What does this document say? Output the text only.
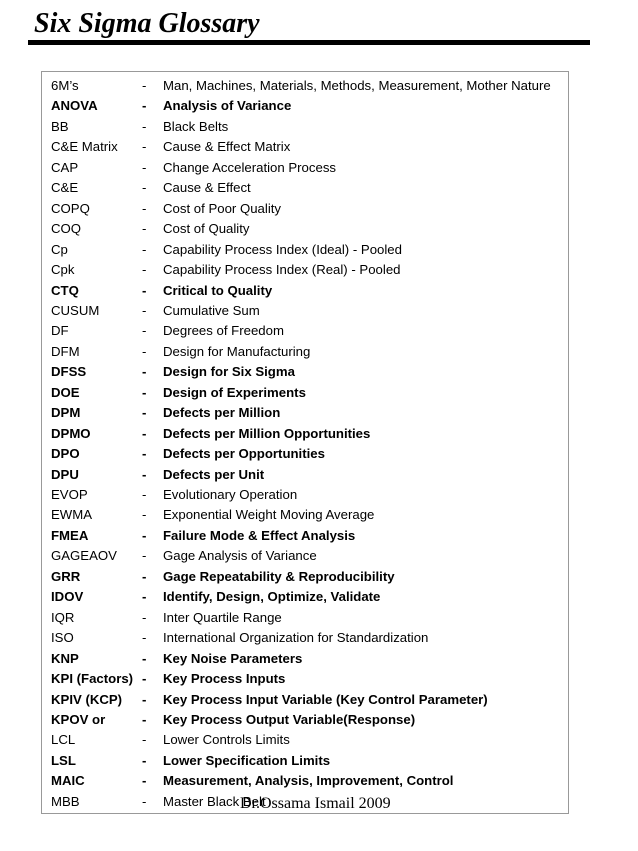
Six Sigma Glossary
6M’s	- Man, Machines, Materials, Methods, Measurement, Mother Nature
ANOVA	- Analysis of Variance
BB	- Black Belts
C&E Matrix - Cause & Effect Matrix
CAP	- Change Acceleration Process
C&E	- Cause & Effect
COPQ	- Cost of Poor Quality
COQ	- Cost of Quality
Cp	- Capability Process Index (Ideal) - Pooled
Cpk	- Capability Process Index (Real) - Pooled
CTQ	- Critical to Quality
CUSUM	- Cumulative Sum
DF	- Degrees of Freedom
DFM	- Design for Manufacturing
DFSS	- Design for Six Sigma
DOE	- Design of Experiments
DPM	- Defects per Million
DPMO	- Defects per Million Opportunities
DPO	- Defects per Opportunities
DPU	- Defects per Unit
EVOP	- Evolutionary Operation
EWMA	- Exponential Weight Moving Average
FMEA	- Failure Mode & Effect Analysis
GAGEAOV - Gage Analysis of Variance
GRR	- Gage Repeatability & Reproducibility
IDOV	- Identify, Design, Optimize, Validate
IQR	- Inter Quartile Range
ISO	- International Organization for Standardization
KNP	- Key Noise Parameters
KPI (Factors) - Key Process Inputs
KPIV (KCP) - Key Process Input Variable (Key Control Parameter)
KPOV or	- Key Process Output Variable(Response)
LCL	- Lower Controls Limits
LSL	- Lower Specification Limits
MAIC	- Measurement, Analysis, Improvement, Control
MBB	- Master Black Belt
Dr.Ossama Ismail 2009
